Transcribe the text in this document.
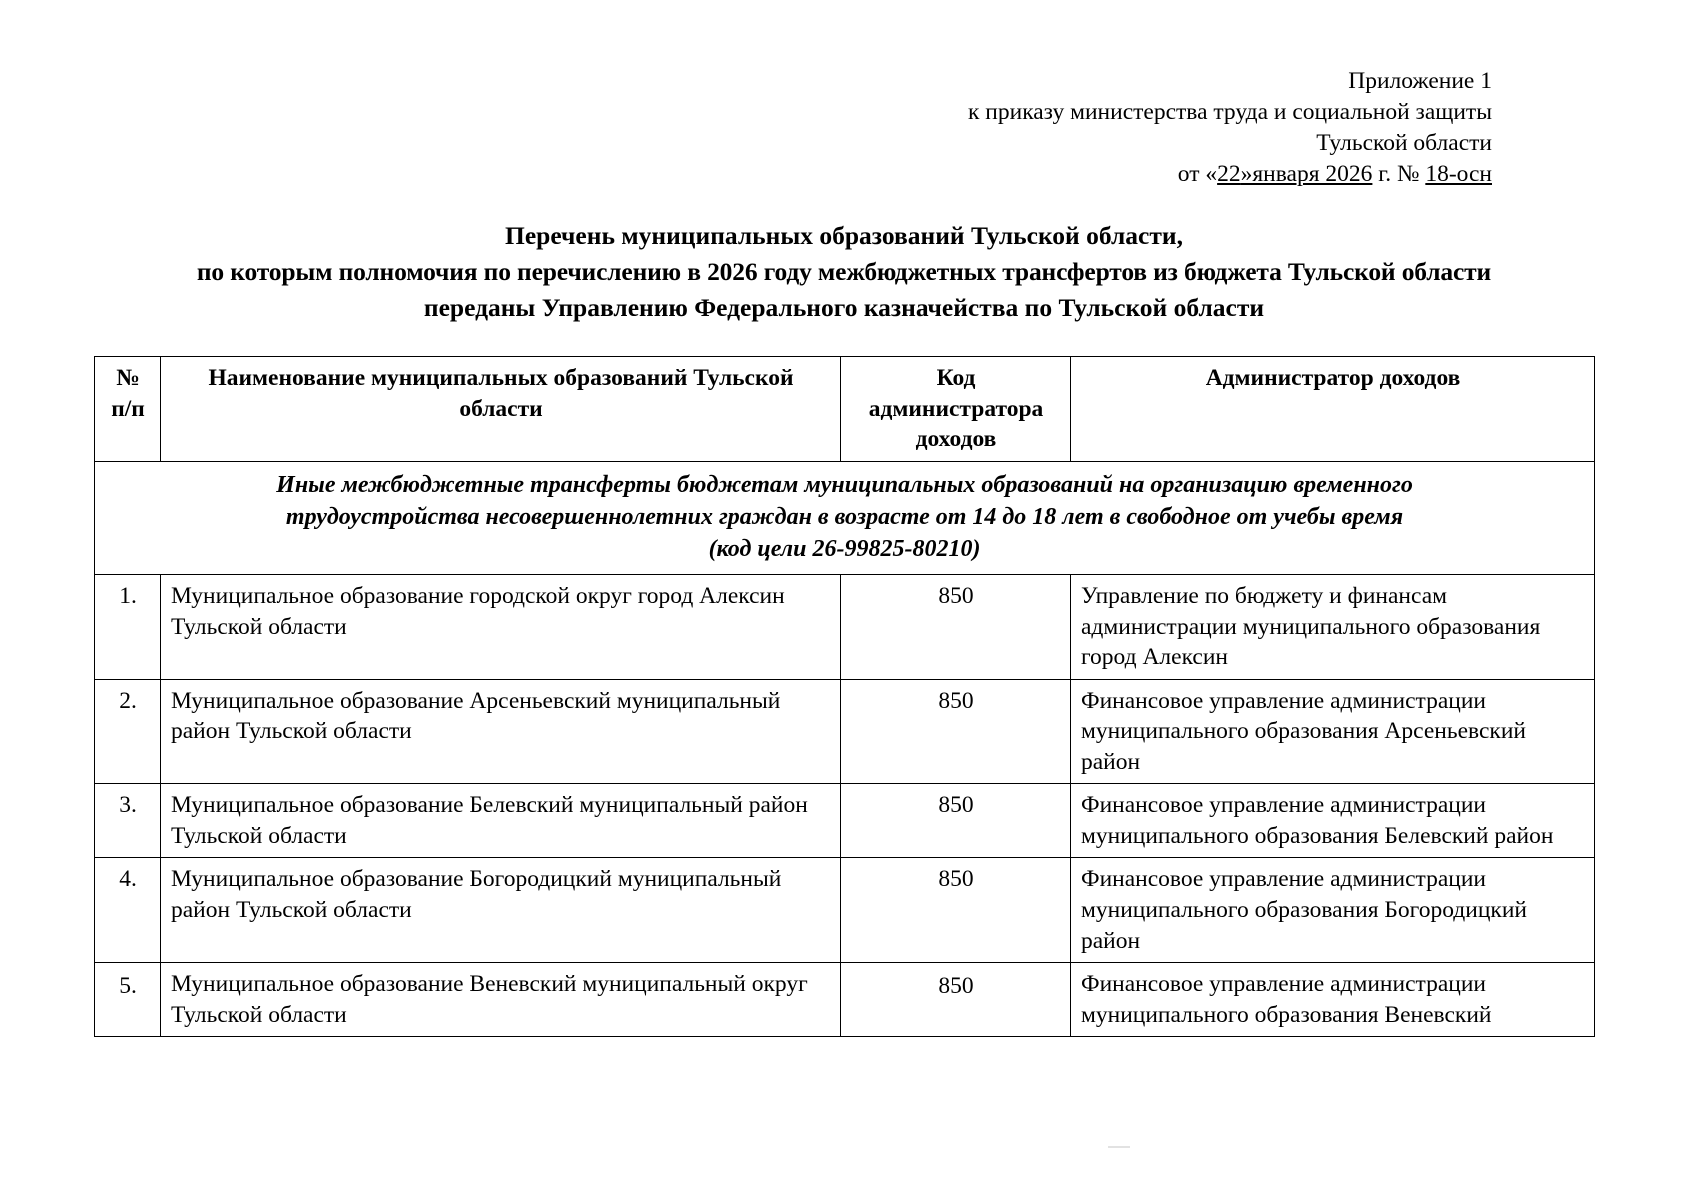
Приложение 1
к приказу министерства труда и социальной защиты
Тульской области
от «22»января 2026 г. № 18-осн
Перечень муниципальных образований Тульской области,
по которым полномочия по перечислению в 2026 году межбюджетных трансфертов из бюджета Тульской области
переданы Управлению Федерального казначейства по Тульской области
№
п/п	Наименование муниципальных образований Тульской области	Код администратора доходов	Администратор доходов

Иные межбюджетные трансферты бюджетам муниципальных образований на организацию временного
трудоустройства несовершеннолетних граждан в возрасте от 14 до 18 лет в свободное от учебы время
(код цели 26-99825-80210)			

1.	Муниципальное образование городской округ город Алексин Тульской области	850	Управление по бюджету и финансам администрации муниципального образования город Алексин
2.	Муниципальное образование Арсеньевский муниципальный район Тульской области	850	Финансовое управление администрации муниципального образования Арсеньевский район
3.	Муниципальное образование Белевский муниципальный район Тульской области	850	Финансовое управление администрации муниципального образования Белевский район
4.	Муниципальное образование Богородицкий муниципальный район Тульской области	850	Финансовое управление администрации муниципального образования Богородицкий район
5.	Муниципальное образование Веневский муниципальный округ Тульской области	850	Финансовое управление администрации муниципального образования Веневский
